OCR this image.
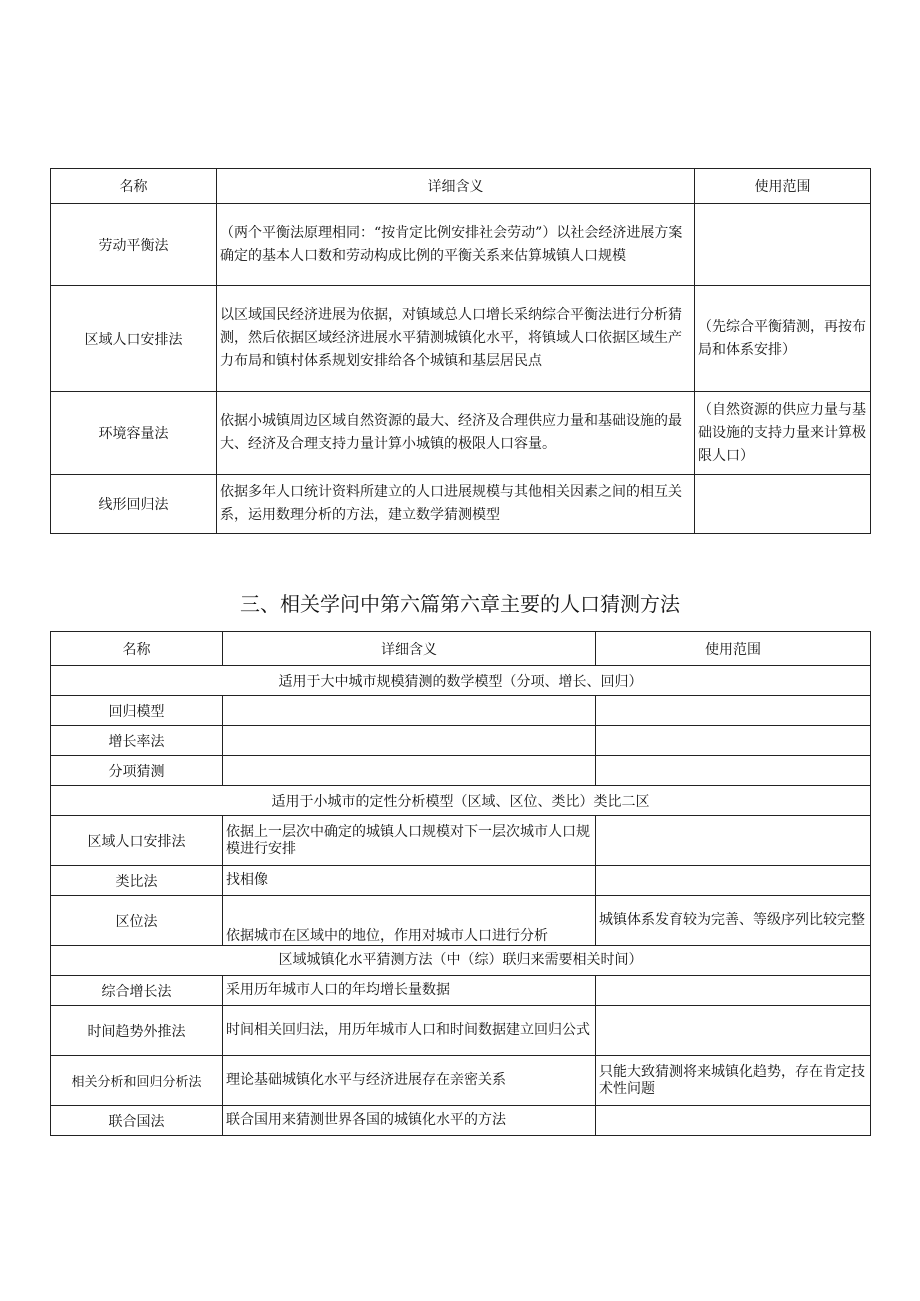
名称	详细含义	使用范围
劳动平衡法	（两个平衡法原理相同：“按肯定比例安排社会劳动”）以社会经济进展方案确定的基本人口数和劳动构成比例的平衡关系来估算城镇人口规模	
区域人口安排法	以区域国民经济进展为依据，对镇域总人口增长采纳综合平衡法进行分析猜测，然后依据区域经济进展水平猜测城镇化水平，将镇域人口依据区域生产力布局和镇村体系规划安排给各个城镇和基层居民点	（先综合平衡猜测，再按布局和体系安排）
环境容量法	依据小城镇周边区域自然资源的最大、经济及合理供应力量和基础设施的最大、经济及合理支持力量计算小城镇的极限人口容量。	（自然资源的供应力量与基础设施的支持力量来计算极限人口）
线形回归法	依据多年人口统计资料所建立的人口进展规模与其他相关因素之间的相互关系，运用数理分析的方法，建立数学猜测模型	
三、相关学问中第六篇第六章主要的人口猜测方法
名称	详细含义	使用范围
适用于大中城市规模猜测的数学模型（分项、增长、回归）		
回归模型		
增长率法		
分项猜测		
适用于小城市的定性分析模型（区域、区位、类比）类比二区		
区域人口安排法	依据上一层次中确定的城镇人口规模对下一层次城市人口规模进行安排	
类比法	找相像	
区位法	依据城市在区域中的地位，作用对城市人口进行分析	城镇体系发育较为完善、等级序列比较完整
区域城镇化水平猜测方法（中（综）联归来需要相关时间）		
综合增长法	采用历年城市人口的年均增长量数据	
时间趋势外推法	时间相关回归法，用历年城市人口和时间数据建立回归公式	
相关分析和回归分析法	理论基础城镇化水平与经济进展存在亲密关系	只能大致猜测将来城镇化趋势，存在肯定技术性问题
联合国法	联合国用来猜测世界各国的城镇化水平的方法	
